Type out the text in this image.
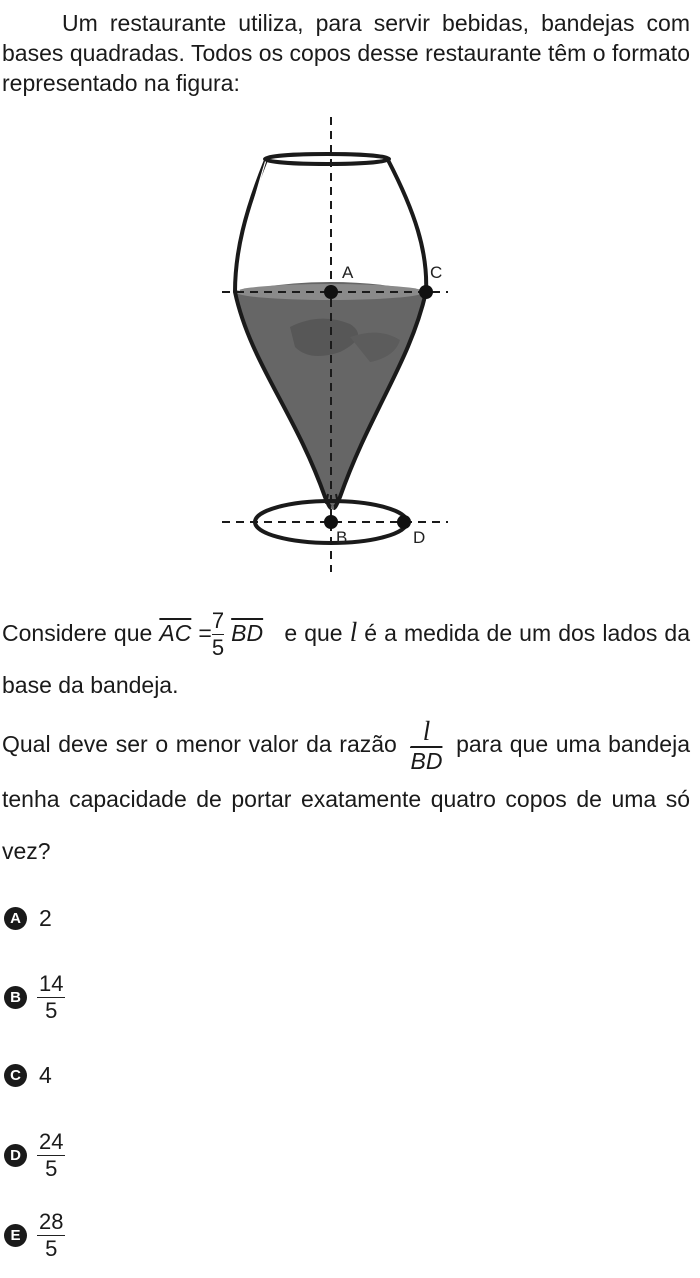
Um restaurante utiliza, para servir bebidas, bandejas com bases quadradas. Todos os copos desse restaurante têm o formato representado na figura:

A	C
B	D

Considere que $\overline{AC} = \frac{7}{5} \overline{BD}$ e que l é a medida de um dos lados da base da bandeja.

Qual deve ser o menor valor da razão $\frac{l}{BD}$ para que uma bandeja tenha capacidade de portar exatamente quatro copos de uma só vez?

A 2
B $\frac{14}{5}$
C 4
D $\frac{24}{5}$
E $\frac{28}{5}$
